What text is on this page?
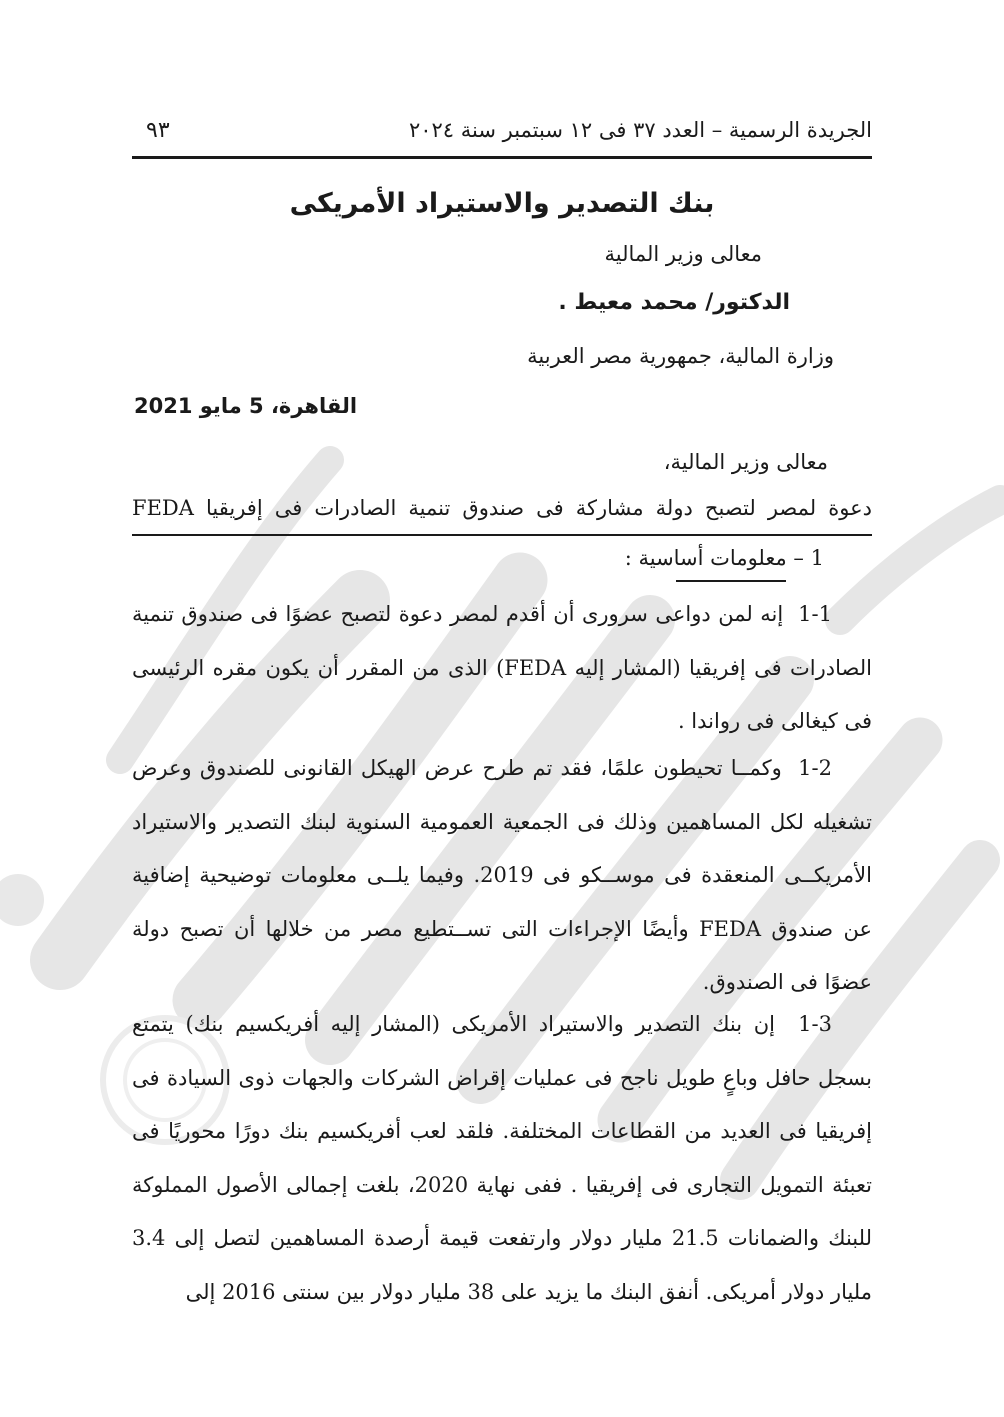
الجريدة الرسمية – العدد ٣٧ فى ١٢ سبتمبر سنة ٢٠٢٤
٩٣
بنك التصدير والاستيراد الأمريكى
معالى وزير المالية
الدكتور/ محمد معيط .
وزارة المالية، جمهورية مصر العربية
القاهرة، 5 مايو 2021
معالى وزير المالية،
دعوة لمصر لتصبح دولة مشاركة فى صندوق تنمية الصادرات فى إفريقيا FEDA
1 – معلومات أساسية :
1-1  إنه لمن دواعى سرورى أن أقدم لمصر دعوة لتصبح عضوًا فى صندوق تنمية الصادرات فى إفريقيا (المشار إليه FEDA) الذى من المقرر أن يكون مقره الرئيسى فى كيغالى فى رواندا .
1-2  وكمــا تحيطون علمًا، فقد تم طرح عرض الهيكل القانونى للصندوق وعرض تشغيله لكل المساهمين وذلك فى الجمعية العمومية السنوية لبنك التصدير والاستيراد الأمريكــى المنعقدة فى موســكو فى 2019. وفيما يلــى معلومات توضيحية إضافية عن صندوق FEDA وأيضًا الإجراءات التى تســتطيع مصر من خلالها أن تصبح دولة عضوًا فى الصندوق.
1-3  إن بنك التصدير والاستيراد الأمريكى (المشار إليه أفريكسيم بنك) يتمتع بسجل حافل وباعٍ طويل ناجح فى عمليات إقراض الشركات والجهات ذوى السيادة فى إفريقيا فى العديد من القطاعات المختلفة. فلقد لعب أفريكسيم بنك دورًا محوريًا فى تعبئة التمويل التجارى فى إفريقيا . ففى نهاية 2020، بلغت إجمالى الأصول المملوكة للبنك والضمانات 21.5 مليار دولار وارتفعت قيمة أرصدة المساهمين لتصل إلى 3.4 مليار دولار أمريكى. أنفق البنك ما يزيد على 38 مليار دولار بين سنتى 2016 إلى
